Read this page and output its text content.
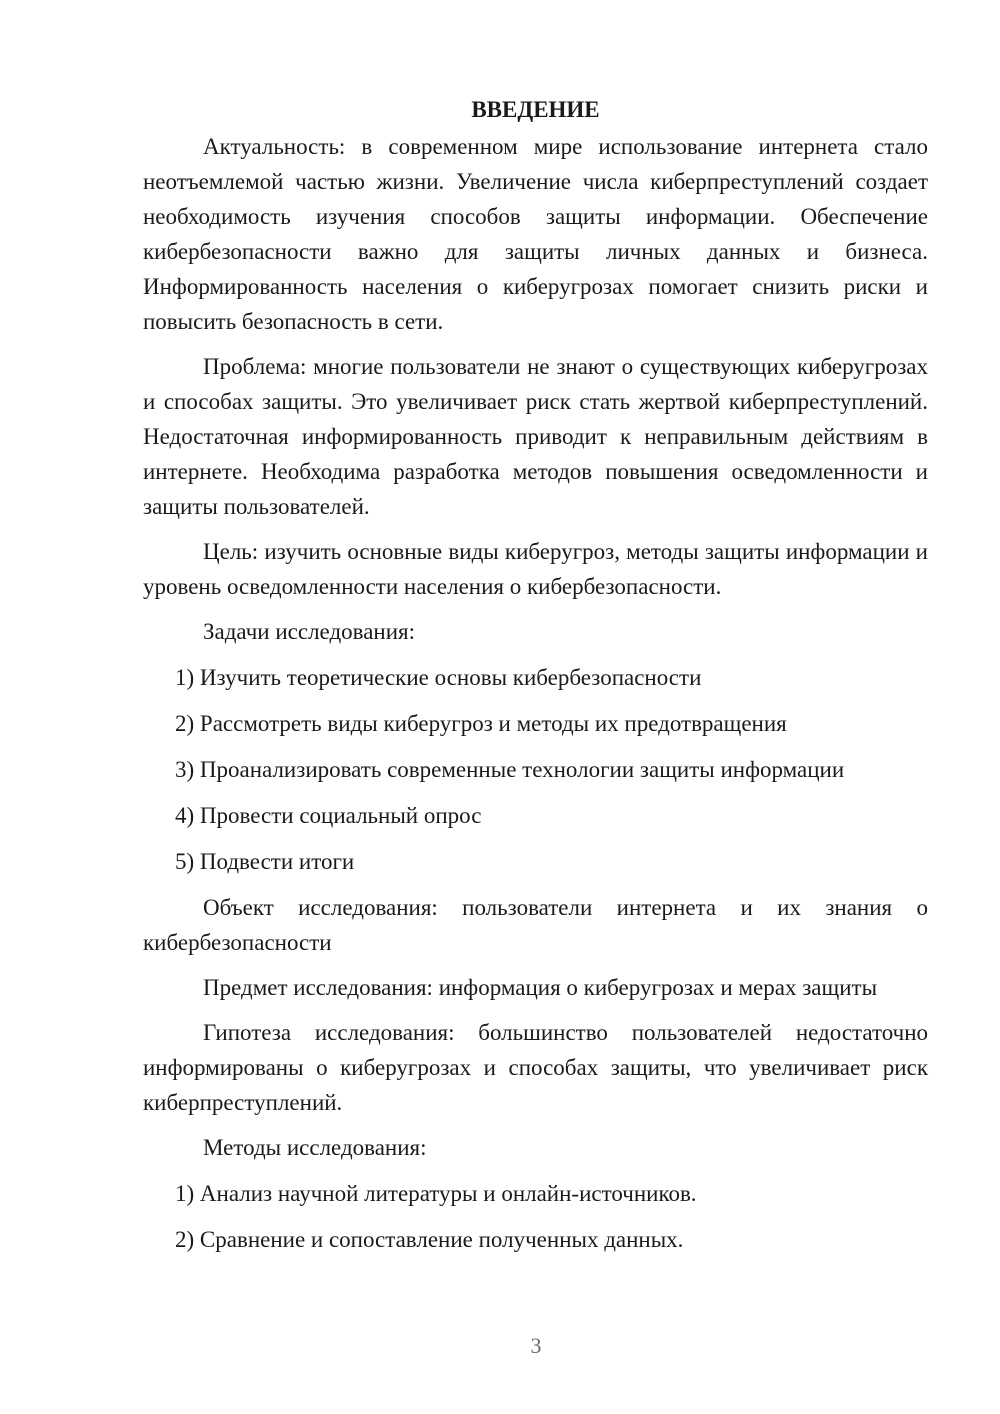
ВВЕДЕНИЕ

Актуальность: в современном мире использование интернета стало неотъемлемой частью жизни. Увеличение числа киберпреступлений создает необходимость изучения способов защиты информации. Обеспечение кибербезопасности важно для защиты личных данных и бизнеса. Информированность населения о киберугрозах помогает снизить риски и повысить безопасность в сети.

Проблема: многие пользователи не знают о существующих киберугрозах и способах защиты. Это увеличивает риск стать жертвой киберпреступлений. Недостаточная информированность приводит к неправильным действиям в интернете. Необходима разработка методов повышения осведомленности и защиты пользователей.

Цель: изучить основные виды киберугроз, методы защиты информации и уровень осведомленности населения о кибербезопасности.

Задачи исследования:

1) Изучить теоретические основы кибербезопасности

2) Рассмотреть виды киберугроз и методы их предотвращения

3) Проанализировать современные технологии защиты информации

4) Провести социальный опрос

5) Подвести итоги

Объект исследования: пользователи интернета и их знания о кибербезопасности

Предмет исследования: информация о киберугрозах и мерах защиты

Гипотеза исследования: большинство пользователей недостаточно информированы о киберугрозах и способах защиты, что увеличивает риск киберпреступлений.

Методы исследования:

1) Анализ научной литературы и онлайн-источников.

2) Сравнение и сопоставление полученных данных.

3
